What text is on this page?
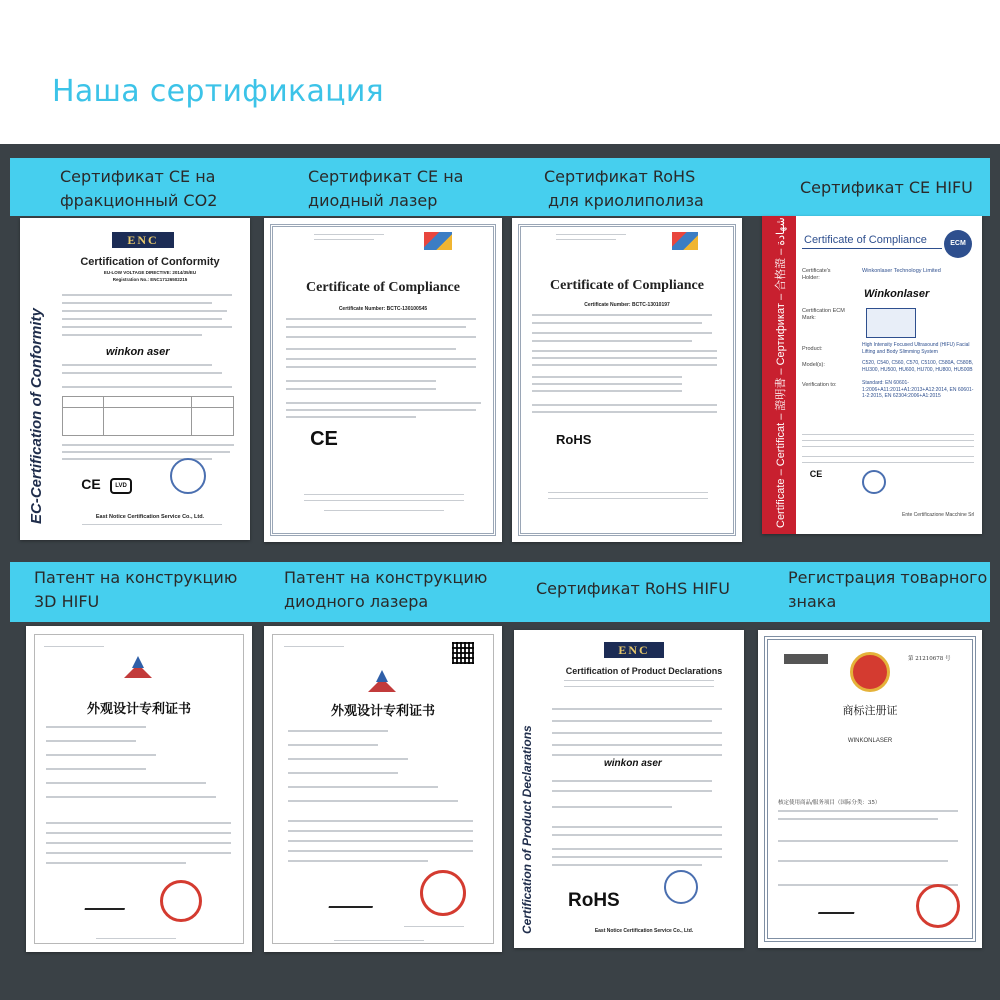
Наша сертификация
Сертификат CE на
фракционный CO2
Сертификат CE на
диодный лазер
Сертификат RoHS
для криолиполиза
Сертификат CE HIFU
Патент на конструкцию
3D HIFU
Патент на конструкцию
диодного лазера
Сертификат RoHS HIFU
Регистрация товарного
знака
EC-Certification of Conformity
ENC
Certification of Conformity
EU-LOW VOLTAGE DIRECTIVE: 2014/35/EU
Registration No.: ENC17126502215
winkon aser
CE	LVD
East Notice Certification Service Co., Ltd.
Certificate of Compliance
Certificate Number: BCTC-130100545
CE
Certificate of Compliance
Certificate Number: BCTC-13010197
RoHS	Certificate – Certificat – 證明書 – Сертификат – 合格證 – شهادة Certificate of Compliance	ECM
Certificate's Holder:
Winkonlaser Technology Limited
Winkonlaser
Certification ECM Mark:
Product:
High Intensity Focused Ultrasound (HIFU) Facial Lifting and Body Slimming System
Model(s):	C520, C540, C560, C570, C5100, C580A, C580B, HU300, HU500, HU600, HU700, HU800, HU500B
Verification to:	Standard: EN 60601-1:2006+A11:2011+A1:2013+A12:2014, EN 60601-1-2:2015, EN 62304:2006+A1:2015
CE
Ente Certificazione Macchine Srl
外观设计专利证书	外观设计专利证书
Certification of Product Declarations
ENC
Certification of Product Declarations
winkon aser
RoHS
East Notice Certification Service Co., Ltd.
第 21210678 号
商标注册证
WINKONLASER
核定使用商品/服务项目（国际分类：35）
